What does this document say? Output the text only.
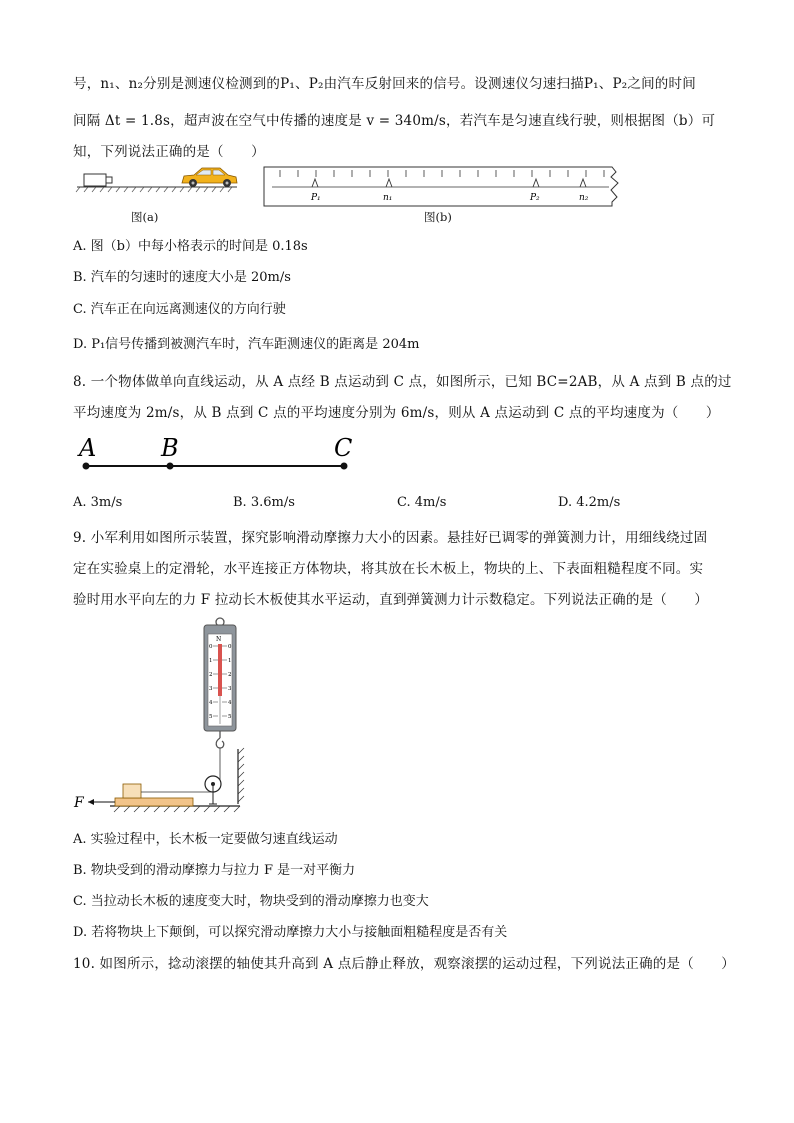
号，n₁、n₂分别是测速仪检测到的P₁、P₂由汽车反射回来的信号。设测速仪匀速扫描P₁、P₂之间的时间
间隔 Δt = 1.8s，超声波在空气中传播的速度是 v = 340m/s，若汽车是匀速直线行驶，则根据图（b）可
知，下列说法正确的是（　　）
图(a)
P₁	n₁	P₂	n₂
图(b)
A. 图（b）中每小格表示的时间是 0.18s
B. 汽车的匀速时的速度大小是 20m/s
C. 汽车正在向远离测速仪的方向行驶
D. P₁信号传播到被测汽车时，汽车距测速仪的距离是 204m
8. 一个物体做单向直线运动，从 A 点经 B 点运动到 C 点，如图所示，已知 BC=2AB，从 A 点到 B 点的过
平均速度为 2m/s，从 B 点到 C 点的平均速度分别为 6m/s，则从 A 点运动到 C 点的平均速度为（　　）
A	B	C
A. 3m/s	B. 3.6m/s	C. 4m/s	D. 4.2m/s
9. 小军利用如图所示装置，探究影响滑动摩擦力大小的因素。悬挂好已调零的弹簧测力计，用细线绕过固
定在实验桌上的定滑轮，水平连接正方体物块，将其放在长木板上，物块的上、下表面粗糙程度不同。实
验时用水平向左的力 F 拉动长木板使其水平运动，直到弹簧测力计示数稳定。下列说法正确的是（　　）
N
0
1
2
3
4
5
0
1
2
3
4
5
F
A. 实验过程中，长木板一定要做匀速直线运动
B. 物块受到的滑动摩擦力与拉力 F 是一对平衡力
C. 当拉动长木板的速度变大时，物块受到的滑动摩擦力也变大
D. 若将物块上下颠倒，可以探究滑动摩擦力大小与接触面粗糙程度是否有关
10. 如图所示，捻动滚摆的轴使其升高到 A 点后静止释放，观察滚摆的运动过程，下列说法正确的是（　　）
